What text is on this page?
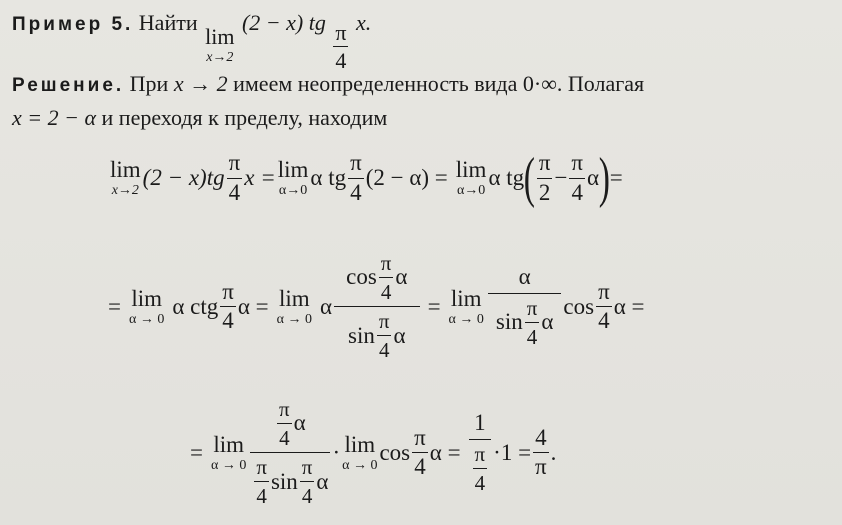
Пример 5. Найти
lim
x→2
(2 − x) tg $\frac{\pi}{4} x$.
Решение. При x → 2 имеем неопределенность вида 0·∞. Полагая
x = 2 − α и переходя к пределу, находим
lim
x→2
$(2 - x)tg \frac{\pi}{4}$ x = lim
α→0
α tg $\frac{\pi}{4} (2 - \alpha) = \lim$
α→0
α tg ( $\frac{\pi}{2} - \frac{\pi}{4}$ α ) =
= lim
α → 0
α ctg $\frac{\pi}{4}$ α = lim
α → 0
α $\frac{\cos \frac{\pi}{4} \alpha}{\sin \frac{\pi}{4} \alpha} = \lim$
$\alpha \to 0 \frac{\alpha}{\sin \frac{\pi}{4} \alpha}$ $\cos \frac{\pi}{4}$ α =
= lim
α → 0
$\frac{\pi}{4}$ α
$\frac{\pi}{4}$ $\sin \frac{\pi}{4}$ α
· lim
α → 0
$\cos \frac{\pi}{4}$ $\alpha = \frac{1}{\frac{\pi}{4}} \cdot 1 = \frac{4}{\pi}$ .
